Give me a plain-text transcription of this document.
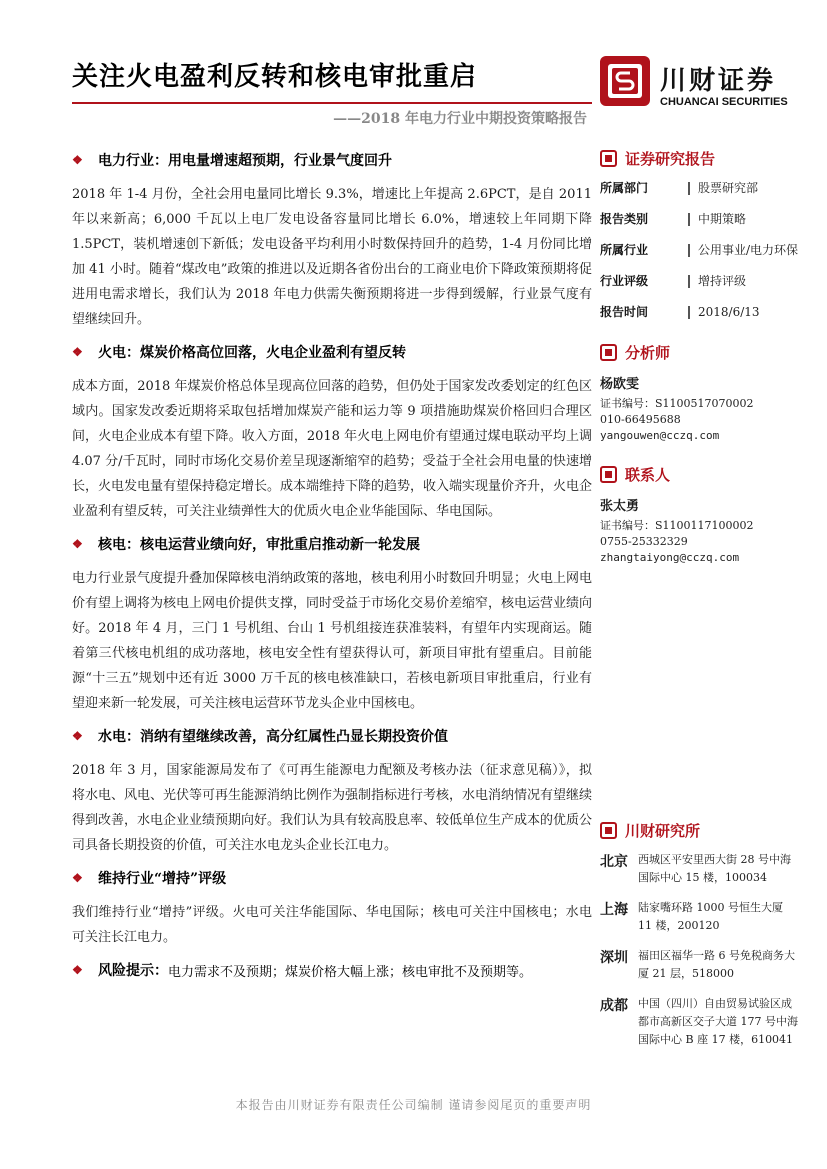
关注火电盈利反转和核电审批重启
——2018 年电力行业中期投资策略报告
川财证券
CHUANCAI SECURITIES
❖	电力行业：用电量增速超预期，行业景气度回升

2018 年 1-4 月份，全社会用电量同比增长 9.3%，增速比上年提高 2.6PCT，是自 2011 年以来新高；6,000 千瓦以上电厂发电设备容量同比增长 6.0%，增速较上年同期下降 1.5PCT，装机增速创下新低；发电设备平均利用小时数保持回升的趋势，1-4 月份同比增加 41 小时。随着“煤改电”政策的推进以及近期各省份出台的工商业电价下降政策预期将促进用电需求增长，我们认为 2018 年电力供需失衡预期将进一步得到缓解，行业景气度有望继续回升。

❖	火电：煤炭价格高位回落，火电企业盈利有望反转

成本方面，2018 年煤炭价格总体呈现高位回落的趋势，但仍处于国家发改委划定的红色区域内。国家发改委近期将采取包括增加煤炭产能和运力等 9 项措施助煤炭价格回归合理区间，火电企业成本有望下降。收入方面，2018 年火电上网电价有望通过煤电联动平均上调 4.07 分/千瓦时，同时市场化交易价差呈现逐渐缩窄的趋势；受益于全社会用电量的快速增长，火电发电量有望保持稳定增长。成本端维持下降的趋势，收入端实现量价齐升，火电企业盈利有望反转，可关注业绩弹性大的优质火电企业华能国际、华电国际。

❖	核电：核电运营业绩向好，审批重启推动新一轮发展

电力行业景气度提升叠加保障核电消纳政策的落地，核电利用小时数回升明显；火电上网电价有望上调将为核电上网电价提供支撑，同时受益于市场化交易价差缩窄，核电运营业绩向好。2018 年 4 月，三门 1 号机组、台山 1 号机组接连获准装料，有望年内实现商运。随着第三代核电机组的成功落地，核电安全性有望获得认可，新项目审批有望重启。目前能源“十三五”规划中还有近 3000 万千瓦的核电核准缺口，若核电新项目审批重启，行业有望迎来新一轮发展，可关注核电运营环节龙头企业中国核电。

❖	水电：消纳有望继续改善，高分红属性凸显长期投资价值

2018 年 3 月，国家能源局发布了《可再生能源电力配额及考核办法（征求意见稿）》，拟将水电、风电、光伏等可再生能源消纳比例作为强制指标进行考核，水电消纳情况有望继续得到改善，水电企业业绩预期向好。我们认为具有较高股息率、较低单位生产成本的优质公司具备长期投资的价值，可关注水电龙头企业长江电力。

❖	维持行业“增持”评级

我们维持行业“增持”评级。火电可关注华能国际、华电国际；核电可关注中国核电；水电可关注长江电力。

❖	风险提示： 电力需求不及预期；煤炭价格大幅上涨；核电审批不及预期等。
证券研究报告
所属部门	股票研究部
报告类别	中期策略
所属行业	公用事业/电力环保
行业评级	增持评级
报告时间	2018/6/13
分析师
杨欧雯
证书编号：S1100517070002
010-66495688
yangouwen@cczq.com
联系人
张太勇
证书编号：S1100117100002
0755-25332329
zhangtaiyong@cczq.com
川财研究所
北京 西城区平安里西大街 28 号中海国际中心 15 楼，100034
上海 陆家嘴环路 1000 号恒生大厦 11 楼，200120
深圳 福田区福华一路 6 号免税商务大厦 21 层，518000
成都 中国（四川）自由贸易试验区成都市高新区交子大道 177 号中海国际中心 B 座 17 楼，610041
本报告由川财证券有限责任公司编制 谨请参阅尾页的重要声明
